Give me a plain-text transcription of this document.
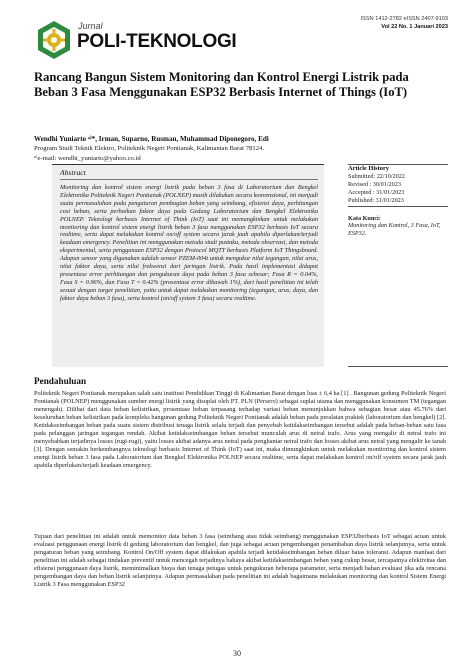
Jurnal
POLI-TEKNOLOGI
ISSN 1412-2782 eISSN 2407-9103
Vol 22 No. 1 Januari 2023
Rancang Bangun Sistem Monitoring dan Kontrol Energi Listrik pada Beban 3 Fasa Menggunakan ESP32 Berbasis Internet of Things (IoT)
Wendhi Yuniarto ᵃ⁾*, Irman, Suparno, Rusman, Muhammad Diponegoro, Edi
Program Studi Teknik Elektro, Politeknik Negeri Pontianak, Kalimantan Barat 78124.
ᵃ⁾e-mail: wendhi_yuniarto@yahoo.co.id
Abstract
Monitoring dan kontrol sistem energi listrik pada beban 3 fasa di Laboratorium dan Bengkel Elektronika Politeknik Negeri Pontianak (POLNEP) masih dilakukan secara konvensional, ini menjadi suatu permasalahan pada pengaturan pembagian beban yang seimbang, efisiensi daya, perhitungan cost beban, serta perbaikan faktor daya pada Gedung Laboratorium dan Bengkel Elektronika POLNEP. Teknologi berbasis Internet of Think (IoT) saat ini memungkinkan untuk melakukan monitoring dan kontrol sistem energi listrik beban 3 fasa menggunakan ESP32 berbasis IoT secara realtime, serta dapat melakukan kontrol on/off system secara jarak jauh apabila diperlukan/terjadi keadaan emergency. Penelitian ini menggunakan metoda studi pustaka, metoda observasi, dan metoda eksperimental, serta penggunaan ESP32 dengan Protocol MQTT berbasis Platform IoT Thingsboard. Adapun sensor yang digunakan adalah sensor PZEM-004t untuk mengukur nilai tegangan, nilai arus, nilai faktor daya, serta nilai frekwensi dari jaringan listrik. Pada hasil implementasi didapat prosentase error perhitungan dan pengukuran daya pada beban 3 fasa sebesar; Fasa R = 0.04%, Fasa S = 0.96%, dan Fasa T = 0.42% (prosentase error dibawah 1%), dari hasil penelitian ini telah sesuai dengan target penelitian, yaitu untuk dapat melakukan monitoring (tegangan, arus, daya, dan faktor daya beban 3 fasa), serta kontrol (on/off system 3 fasa) secara realtime.
Article History
Submitted: 22/10/2022
Revised : 30/01/2023
Accepted : 31/01/2023
Published: 31/01/2023
Kata Kunci:
Monitoring dan Kontrol, 3 Fasa, IoT, ESP32.
Pendahuluan
Politeknik Negeri Pontianak merupakan salah satu institusi Pendidikan Tinggi di Kalimantan Barat dengan luas ± 6,4 ha [1] . Bangunan gedung Politeknik Negeri Pontianak (POLNEP) menggunakan sumber energi listrik yang disuplai oleh PT. PLN (Persero) sebagai suplai utama dan menggunakan konsumen TM (tegangan menengah). Dilihat dari data beban kelistrikan, prosentase beban terpasang terhadap variasi beban menunjukkan bahwa sebagian besar atau 45.76% dari keseluruhan beban kelistrikan pada kompleks bangunan gedung Politeknik Negeri Pontianak adalah beban pada peralatan praktek (laboratorium dan bengkel) [2]. Ketidakseimbangan beban pada suatu sistem distribusi tenaga listrik selalu terjadi dan penyebab ketidakseimbangan tersebut adalah pada beban-beban satu fasa pada pelanggan jaringan tegangan rendah. Akibat ketidakseimbangan beban tersebut munculah arus di netral trafo. Arus yang mengalir di netral trafo ini menyebabkan terjadinya losses (rugi-rugi), yaitu losses akibat adanya arus netral pada penghantar netral trafo dan losses akibat arus netral yang mengalir ke tanah [3]. Dengan semakin berkembangnya teknologi berbasis Internet of Think (IoT) saat ini, maka dimungkinkan untuk melakukan monitoring dan kontrol sistem energi listrik beban 3 fasa pada Laboratorium dan Bengkel Elektronika POLNEP secara realtime, serta dapat melakukan kontrol on/off system secara jarak jauh apabila diperlukan/terjadi keadaan emergency.
Tujuan dari penelitian ini adalah untuk memonitor data beban 3 fasa (seimbang atau tidak seimbang) menggunakan ESP32berbasis IoT sebagai acuan untuk evaluasi penggunaan energi listrik di gedung laboratorium dan bengkel, dan juga sebagai acuan pengembangan penambahan daya listrik selanjutnya, serta untuk pengaturan beban yang seimbang. Kontrol On/Off system dapat dilakukan apabila terjadi ketidakseimbangan beban diluar batas toleransi. Adapun manfaat dari penelitian ini adalah sebagai tindakan preventif untuk mencegah terjadinya bahaya akibat ketidakseimbangan beban yang cukup besar, tercapainya efektivitas dan efisiensi penggunaan daya listrik, meminimalkan biaya dan tenaga petugas untuk pengukuran beberapa parameter, serta menjadi bahan evaluasi jika ada rencana pengembangan daya dan beban listrik selanjutnya. Adapun permasalahan pada penelitian ini adalah bagaimana melakukan monitoring dan kontrol Sistem Energi Listrik 3 Fasa menggunakan ESP32
30
